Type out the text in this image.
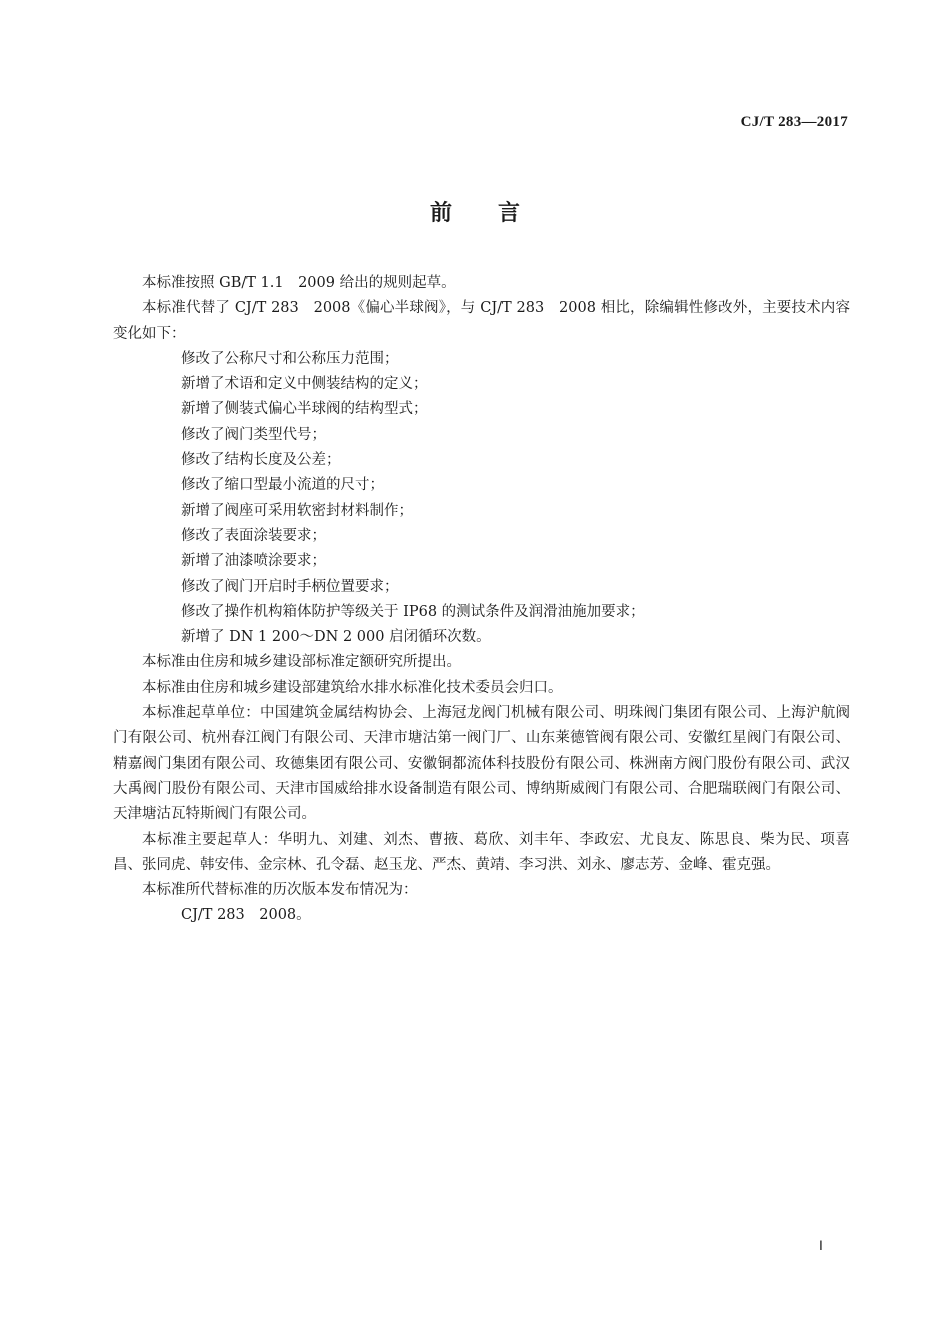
CJ/T 283—2017
前言

本标准按照 GB/T 1.1　2009 给出的规则起草。

本标准代替了 CJ/T 283　2008《偏心半球阀》，与 CJ/T 283　2008 相比，除编辑性修改外，主要技术内容变化如下：

修改了公称尺寸和公称压力范围；

新增了术语和定义中侧装结构的定义；

新增了侧装式偏心半球阀的结构型式；

修改了阀门类型代号；

修改了结构长度及公差；

修改了缩口型最小流道的尺寸；

新增了阀座可采用软密封材料制作；

修改了表面涂装要求；

新增了油漆喷涂要求；

修改了阀门开启时手柄位置要求；

修改了操作机构箱体防护等级关于 IP68 的测试条件及润滑油施加要求；

新增了 DN 1 200～DN 2 000 启闭循环次数。

本标准由住房和城乡建设部标准定额研究所提出。

本标准由住房和城乡建设部建筑给水排水标准化技术委员会归口。

本标准起草单位：中国建筑金属结构协会、上海冠龙阀门机械有限公司、明珠阀门集团有限公司、上海沪航阀门有限公司、杭州春江阀门有限公司、天津市塘沽第一阀门厂、山东莱德管阀有限公司、安徽红星阀门有限公司、精嘉阀门集团有限公司、玫德集团有限公司、安徽铜都流体科技股份有限公司、株洲南方阀门股份有限公司、武汉大禹阀门股份有限公司、天津市国威给排水设备制造有限公司、博纳斯威阀门有限公司、合肥瑞联阀门有限公司、天津塘沽瓦特斯阀门有限公司。

本标准主要起草人：华明九、刘建、刘杰、曹掖、葛欣、刘丰年、李政宏、尤良友、陈思良、柴为民、项喜昌、张同虎、韩安伟、金宗林、孔令磊、赵玉龙、严杰、黄靖、李习洪、刘永、廖志芳、金峰、霍克强。

本标准所代替标准的历次版本发布情况为：

CJ/T 283　2008。

Ⅰ
